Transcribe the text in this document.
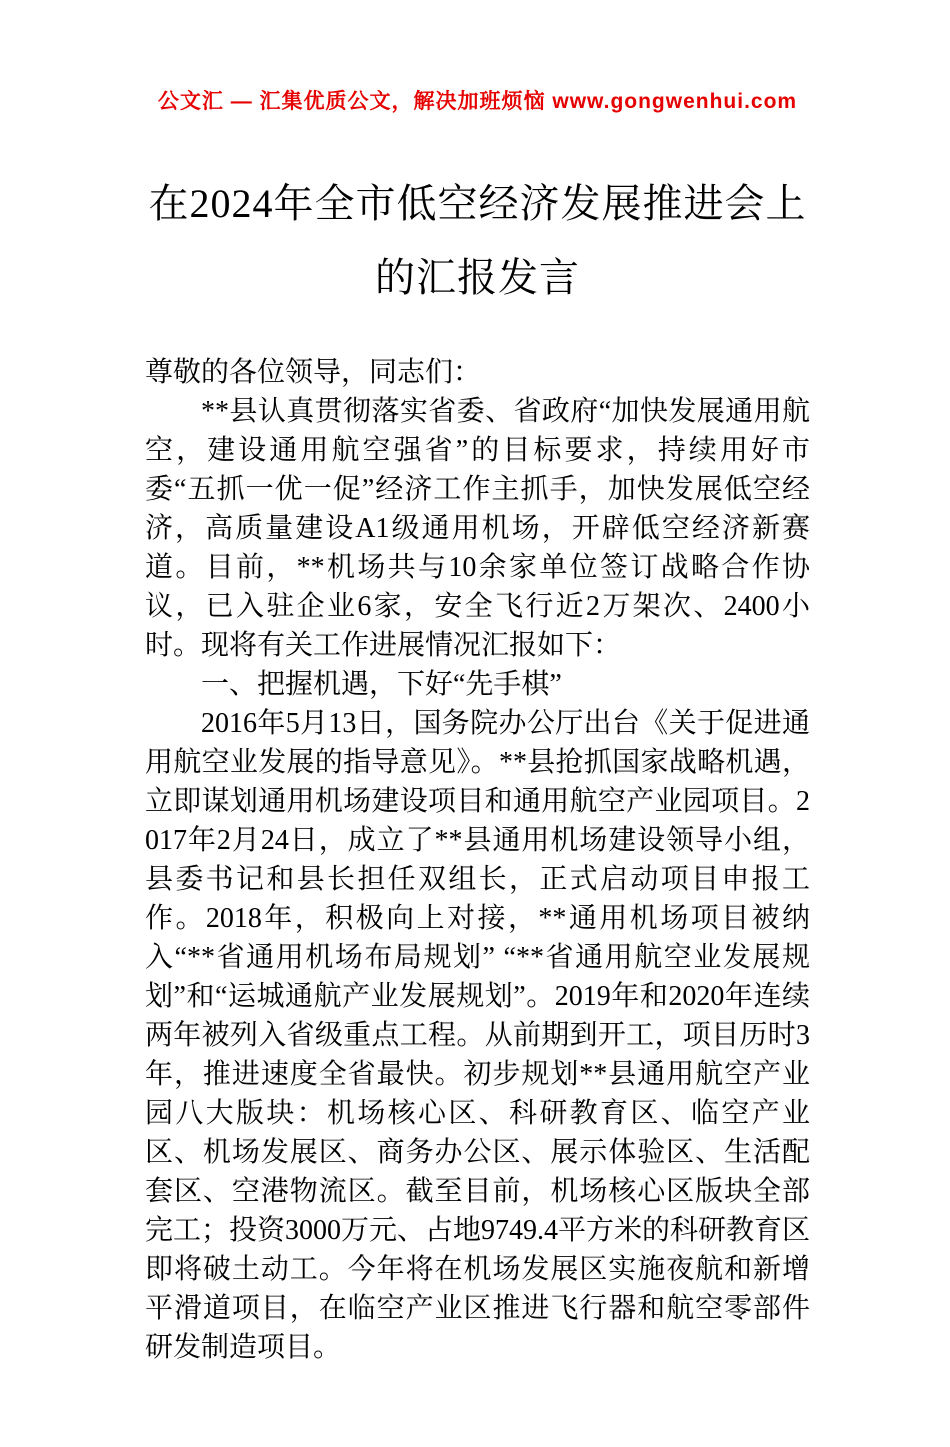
公文汇 — 汇集优质公文，解决加班烦恼 www.gongwenhui.com
在2024年全市低空经济发展推进会上的汇报发言

尊敬的各位领导，同志们：

**县认真贯彻落实省委、省政府“加快发展通用航空，建设通用航空强省”的目标要求，持续用好市委“五抓一优一促”经济工作主抓手，加快发展低空经济，高质量建设A1级通用机场，开辟低空经济新赛道。目前，**机场共与10余家单位签订战略合作协议，已入驻企业6家，安全飞行近2万架次、2400小时。现将有关工作进展情况汇报如下：

一、把握机遇，下好“先手棋”

2016年5月13日，国务院办公厅出台《关于促进通用航空业发展的指导意见》。**县抢抓国家战略机遇，立即谋划通用机场建设项目和通用航空产业园项目。2017年2月24日，成立了**县通用机场建设领导小组，县委书记和县长担任双组长，正式启动项目申报工作。2018年，积极向上对接，**通用机场项目被纳入“**省通用机场布局规划” “**省通用航空业发展规划”和“运城通航产业发展规划”。2019年和2020年连续两年被列入省级重点工程。从前期到开工，项目历时3年，推进速度全省最快。初步规划**县通用航空产业园八大版块：机场核心区、科研教育区、临空产业区、机场发展区、商务办公区、展示体验区、生活配套区、空港物流区。截至目前，机场核心区版块全部完工；投资3000万元、占地9749.4平方米的科研教育区即将破土动工。今年将在机场发展区实施夜航和新增平滑道项目，在临空产业区推进飞行器和航空零部件研发制造项目。
